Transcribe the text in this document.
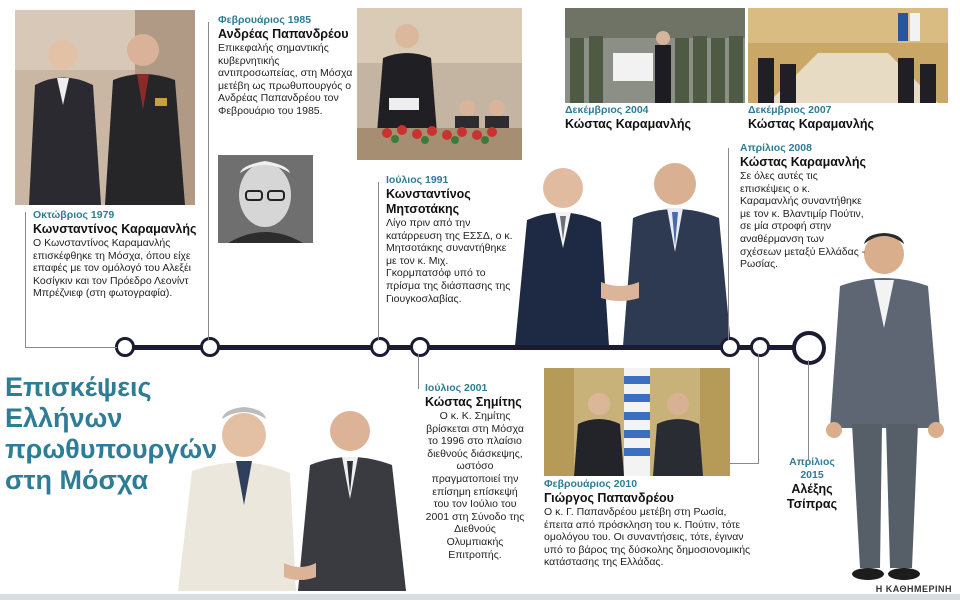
Οκτώβριος 1979
Κωνσταντίνος Καραμανλής
Ο Κωνσταντίνος Καραμανλής επισκέφθηκε τη Μόσχα, όπου είχε επαφές με τον ομόλογό του Αλεξέι Κοσίγκιν και τον Πρόεδρο Λεονίντ Μπρέζνιεφ (στη φωτογραφία).
Φεβρουάριος 1985
Ανδρέας Παπανδρέου
Επικεφαλής σημαντικής κυβερνητικής αντιπροσωπείας, στη Μόσχα μετέβη ως πρωθυπουργός ο Ανδρέας Παπανδρέου τον Φεβρουάριο του 1985.
Ιούλιος 1991
Κωνσταντίνος Μητσοτάκης
Λίγο πριν από την κατάρρευση της ΕΣΣΔ, ο κ. Μητσοτάκης συναντήθηκε με τον κ. Μιχ. Γκορμπατσόφ υπό το πρίσμα της διάσπασης της Γιουγκοσλαβίας.
Ιούλιος 2001
Κώστας Σημίτης
Ο κ. Κ. Σημίτης βρίσκεται στη Μόσχα το 1996 στο πλαίσιο διεθνούς διάσκεψης, ωστόσο πραγματοποιεί την επίσημη επίσκεψή του τον Ιούλιο του 2001 στη Σύνοδο της Διεθνούς Ολυμπιακής Επιτροπής.
Δεκέμβριος 2004
Κώστας Καραμανλής
Δεκέμβριος 2007
Κώστας Καραμανλής
Απρίλιος 2008
Κώστας Καραμανλής
Σε όλες αυτές τις επισκέψεις ο κ. Καραμανλής συναντήθηκε με τον κ. Βλαντιμίρ Πούτιν, σε μία στροφή στην αναθέρμανση των σχέσεων μεταξύ Ελλάδας - Ρωσίας.
Φεβρουάριος 2010
Γιώργος Παπανδρέου
Ο κ. Γ. Παπανδρέου μετέβη στη Ρωσία, έπειτα από πρόσκληση του κ. Πούτιν, τότε ομολόγου του. Οι συναντήσεις, τότε, έγιναν υπό το βάρος της δύσκολης δημοσιονομικής κατάστασης της Ελλάδας.
Απρίλιος 2015
Αλέξης Τσίπρας
Επισκέψεις Ελλήνων πρωθυπουργών στη Μόσχα
Η ΚΑΘΗΜΕΡΙΝΗ
